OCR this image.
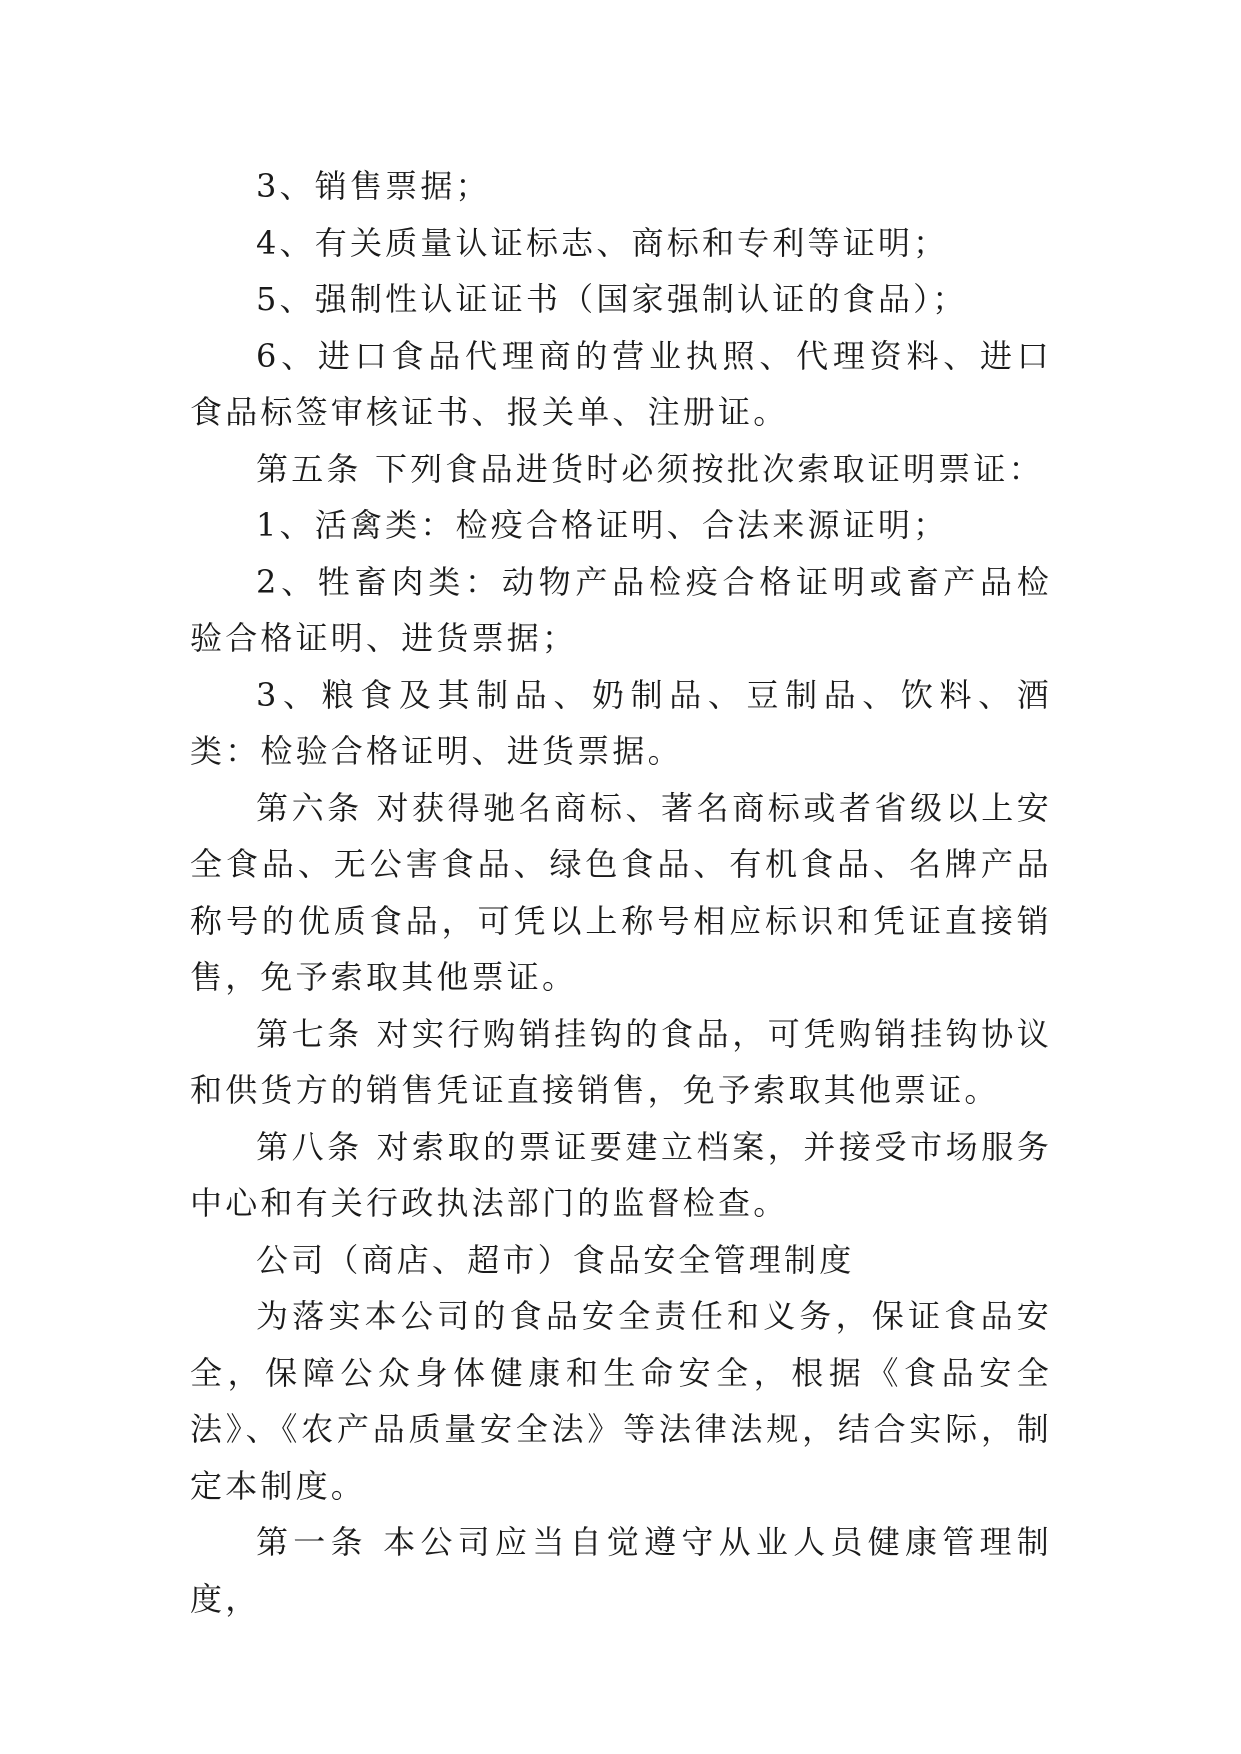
3、销售票据；

4、有关质量认证标志、商标和专利等证明；

5、强制性认证证书（国家强制认证的食品）；

6、进口食品代理商的营业执照、代理资料、进口食品标签审核证书、报关单、注册证。

第五条 下列食品进货时必须按批次索取证明票证：

1、活禽类：检疫合格证明、合法来源证明；

2、牲畜肉类：动物产品检疫合格证明或畜产品检验合格证明、进货票据；

3、粮食及其制品、奶制品、豆制品、饮料、酒类：检验合格证明、进货票据。

第六条 对获得驰名商标、著名商标或者省级以上安全食品、无公害食品、绿色食品、有机食品、名牌产品称号的优质食品，可凭以上称号相应标识和凭证直接销售，免予索取其他票证。

第七条 对实行购销挂钩的食品，可凭购销挂钩协议和供货方的销售凭证直接销售，免予索取其他票证。

第八条 对索取的票证要建立档案，并接受市场服务中心和有关行政执法部门的监督检查。

公司（商店、超市）食品安全管理制度

为落实本公司的食品安全责任和义务，保证食品安全，保障公众身体健康和生命安全，根据《食品安全法》、《农产品质量安全法》等法律法规，结合实际，制定本制度。

第一条 本公司应当自觉遵守从业人员健康管理制度，
